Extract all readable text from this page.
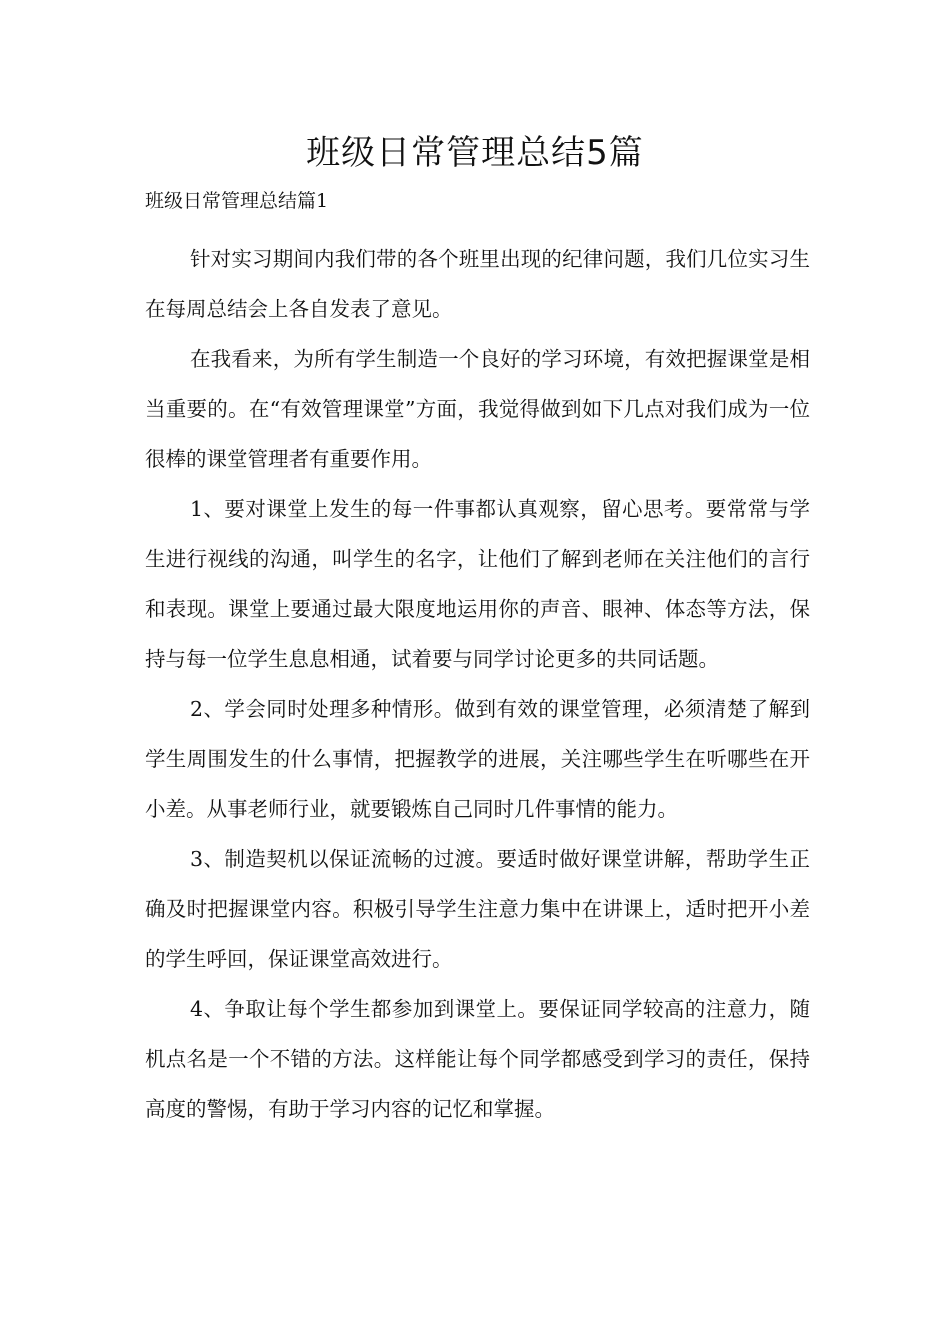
班级日常管理总结5篇
班级日常管理总结篇1

针对实习期间内我们带的各个班里出现的纪律问题，我们几位实习生在每周总结会上各自发表了意见。

在我看来，为所有学生制造一个良好的学习环境，有效把握课堂是相当重要的。在“有效管理课堂”方面，我觉得做到如下几点对我们成为一位很棒的课堂管理者有重要作用。

1、要对课堂上发生的每一件事都认真观察，留心思考。要常常与学生进行视线的沟通，叫学生的名字，让他们了解到老师在关注他们的言行和表现。课堂上要通过最大限度地运用你的声音、眼神、体态等方法，保持与每一位学生息息相通，试着要与同学讨论更多的共同话题。

2、学会同时处理多种情形。做到有效的课堂管理，必须清楚了解到学生周围发生的什么事情，把握教学的进展，关注哪些学生在听哪些在开小差。从事老师行业，就要锻炼自己同时几件事情的能力。

3、制造契机以保证流畅的过渡。要适时做好课堂讲解，帮助学生正确及时把握课堂内容。积极引导学生注意力集中在讲课上，适时把开小差的学生呼回，保证课堂高效进行。

4、争取让每个学生都参加到课堂上。要保证同学较高的注意力，随机点名是一个不错的方法。这样能让每个同学都感受到学习的责任，保持高度的警惕，有助于学习内容的记忆和掌握。
